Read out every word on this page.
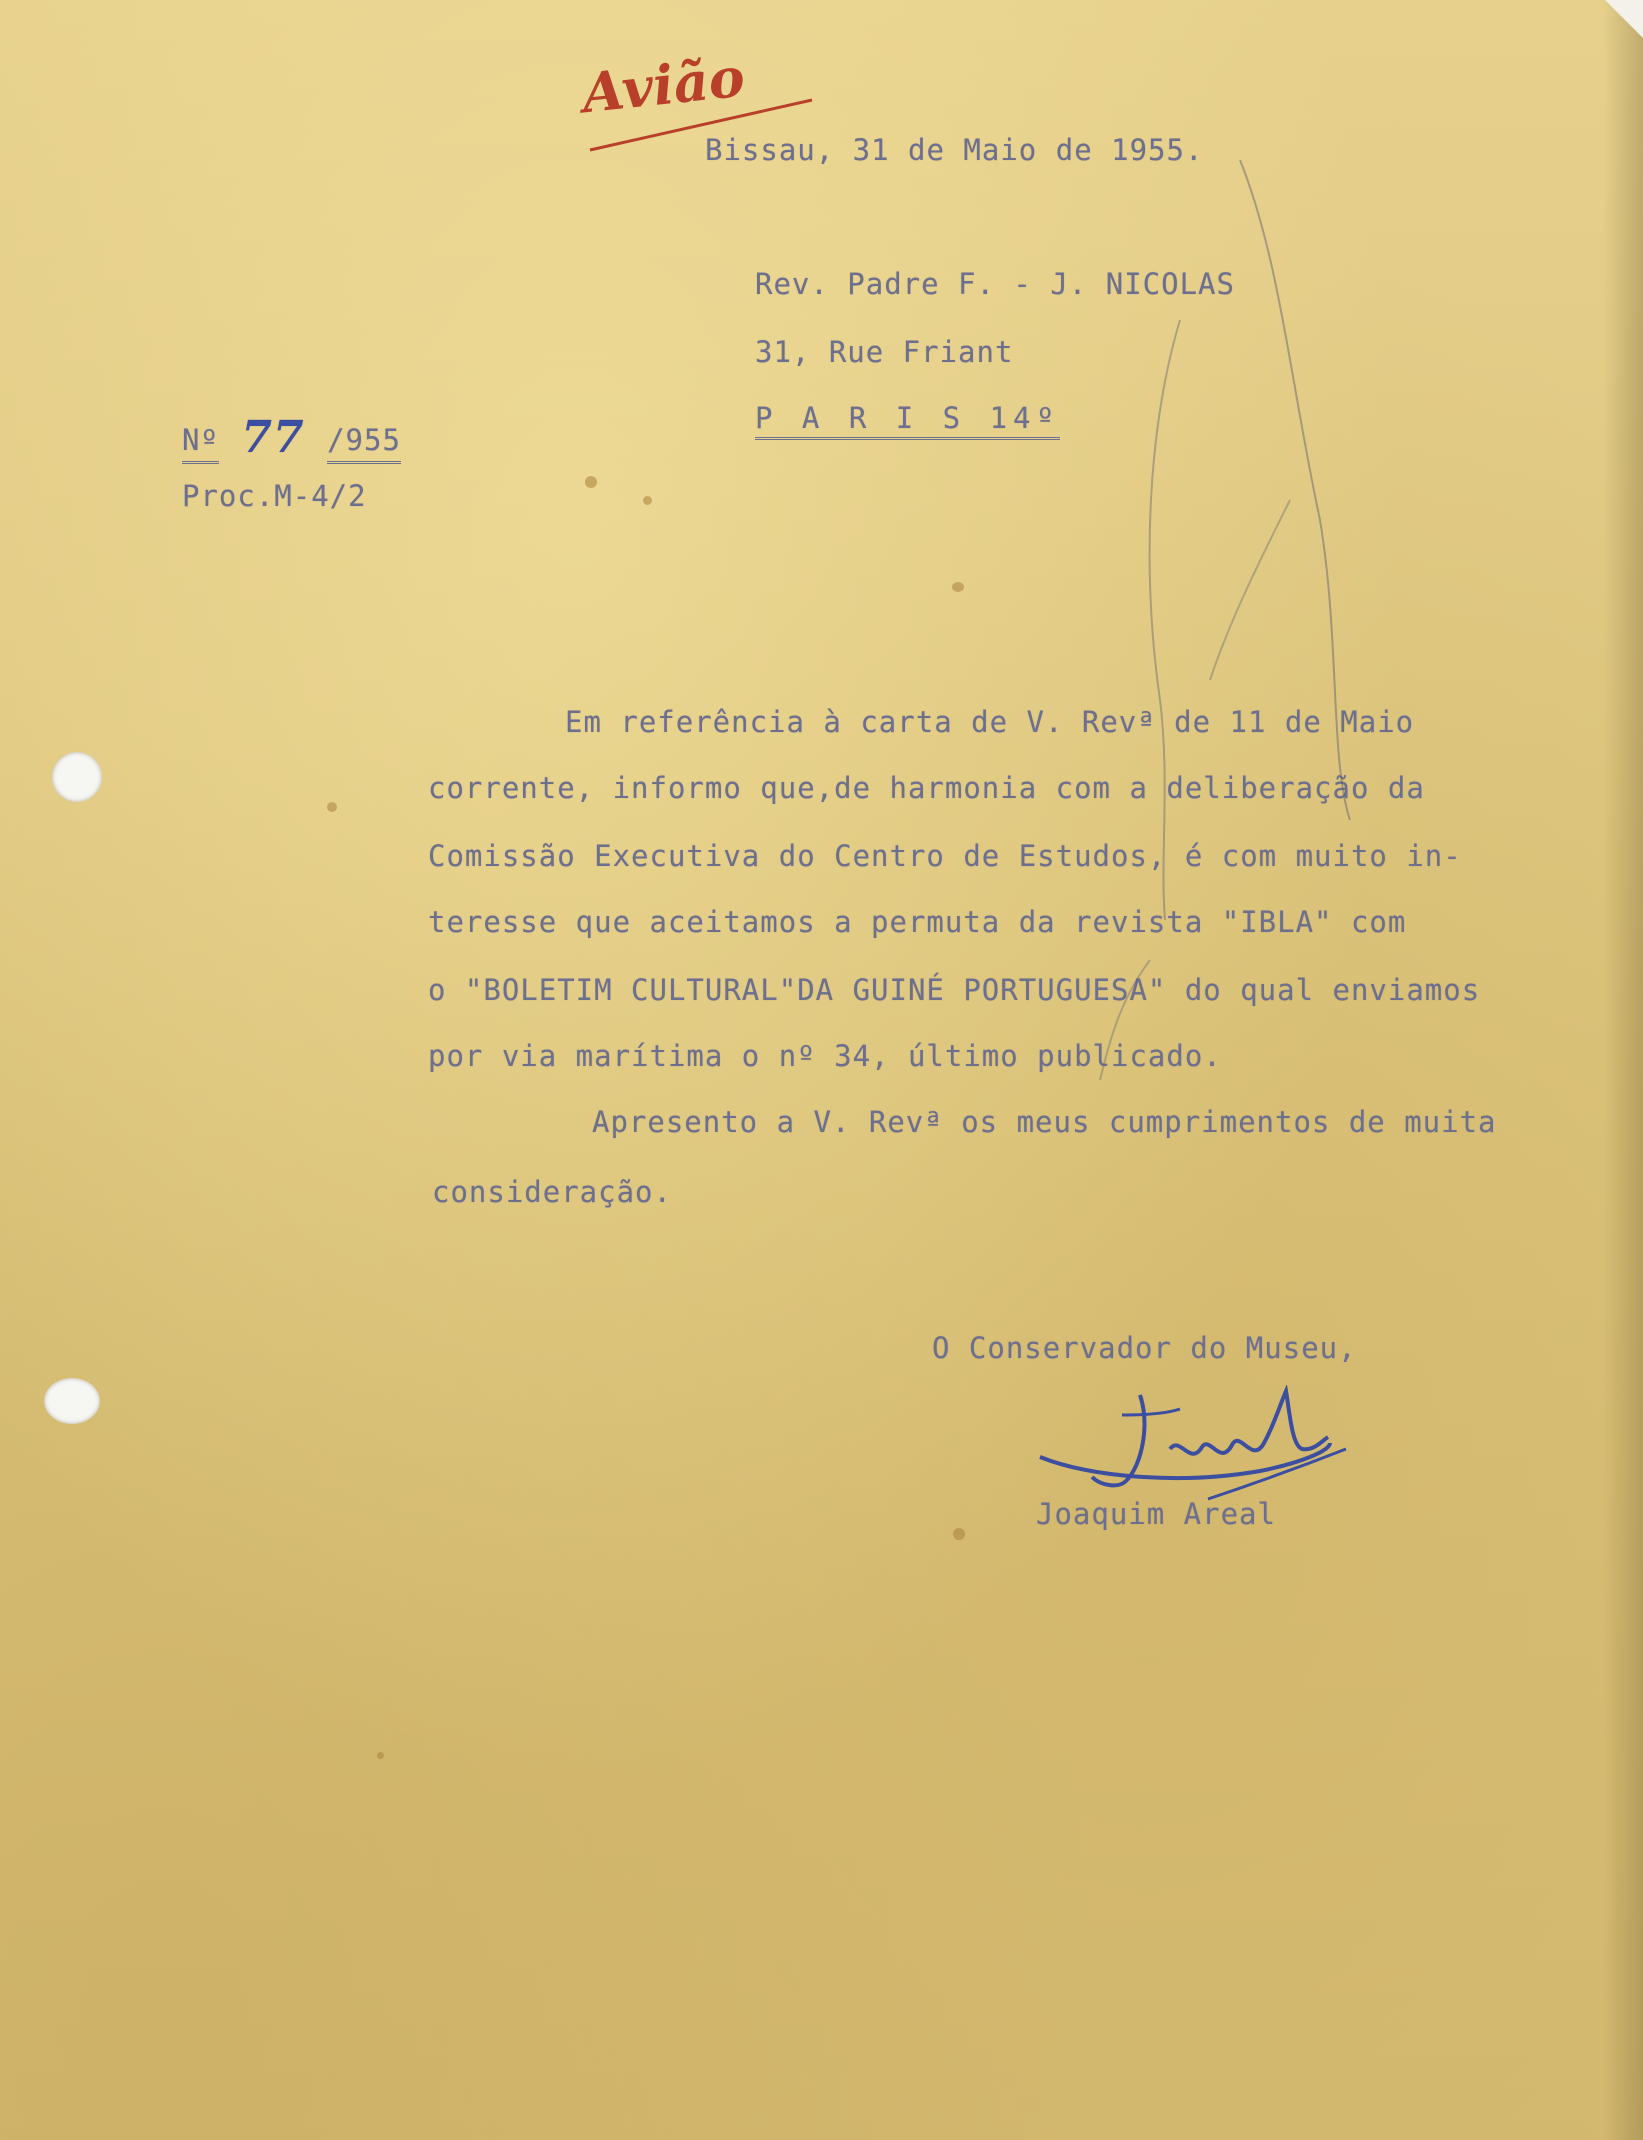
Avião
Bissau, 31 de Maio de 1955.
Rev. Padre F. - J. NICOLAS
31, Rue Friant
P A R I S 14º
Nº 77 /955
Proc.M-4/2
Em referência à carta de V. Revª de 11 de Maio
corrente, informo que,de harmonia com a deliberação da
Comissão Executiva do Centro de Estudos, é com muito in-
teresse que aceitamos a permuta da revista "IBLA" com
o "BOLETIM CULTURAL"DA GUINÉ PORTUGUESA" do qual enviamos
por via marítima o nº 34, último publicado.
Apresento a V. Revª os meus cumprimentos de muita
consideração.
O Conservador do Museu,
Joaquim Areal
